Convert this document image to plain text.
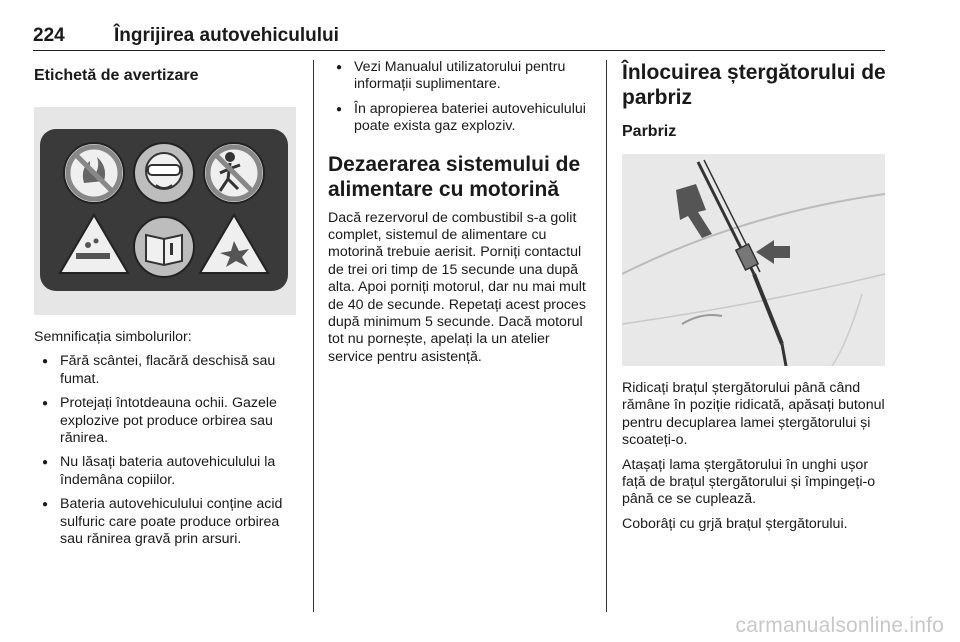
224	Îngrijirea autovehiculului
Etichetă de avertizare

Semnificația simbolurilor:

● Fără scântei, flacără deschisă sau fumat.
● Protejați întotdeauna ochii. Gazele explozive pot produce orbirea sau rănirea.
● Nu lăsați bateria autovehiculului la îndemâna copiilor.
● Bateria autovehiculului conține acid sulfuric care poate produce orbirea sau rănirea gravă prin arsuri.
● Vezi Manualul utilizatorului pentru informații suplimentare.
● În apropierea bateriei autovehiculului poate exista gaz exploziv.
Dezaerarea sistemului de alimentare cu motorină

Dacă rezervorul de combustibil s-a golit complet, sistemul de alimentare cu motorină trebuie aerisit. Porniți contactul de trei ori timp de 15 secunde una după alta. Apoi porniți motorul, dar nu mai mult de 40 de secunde. Repetați acest proces după minimum 5 secunde. Dacă motorul tot nu pornește, apelați la un atelier service pentru asistență.

Înlocuirea ștergătorului de parbriz
Parbriz

Ridicați brațul ștergătorului până când rămâne în poziție ridicată, apăsați butonul pentru decuplarea lamei ștergătorului și scoateți-o.

Atașați lama ștergătorului în unghi ușor față de brațul ștergătorului și împingeți-o până ce se cuplează.

Coborâți cu grjă brațul ștergătorului.

carmanualsonline.info
